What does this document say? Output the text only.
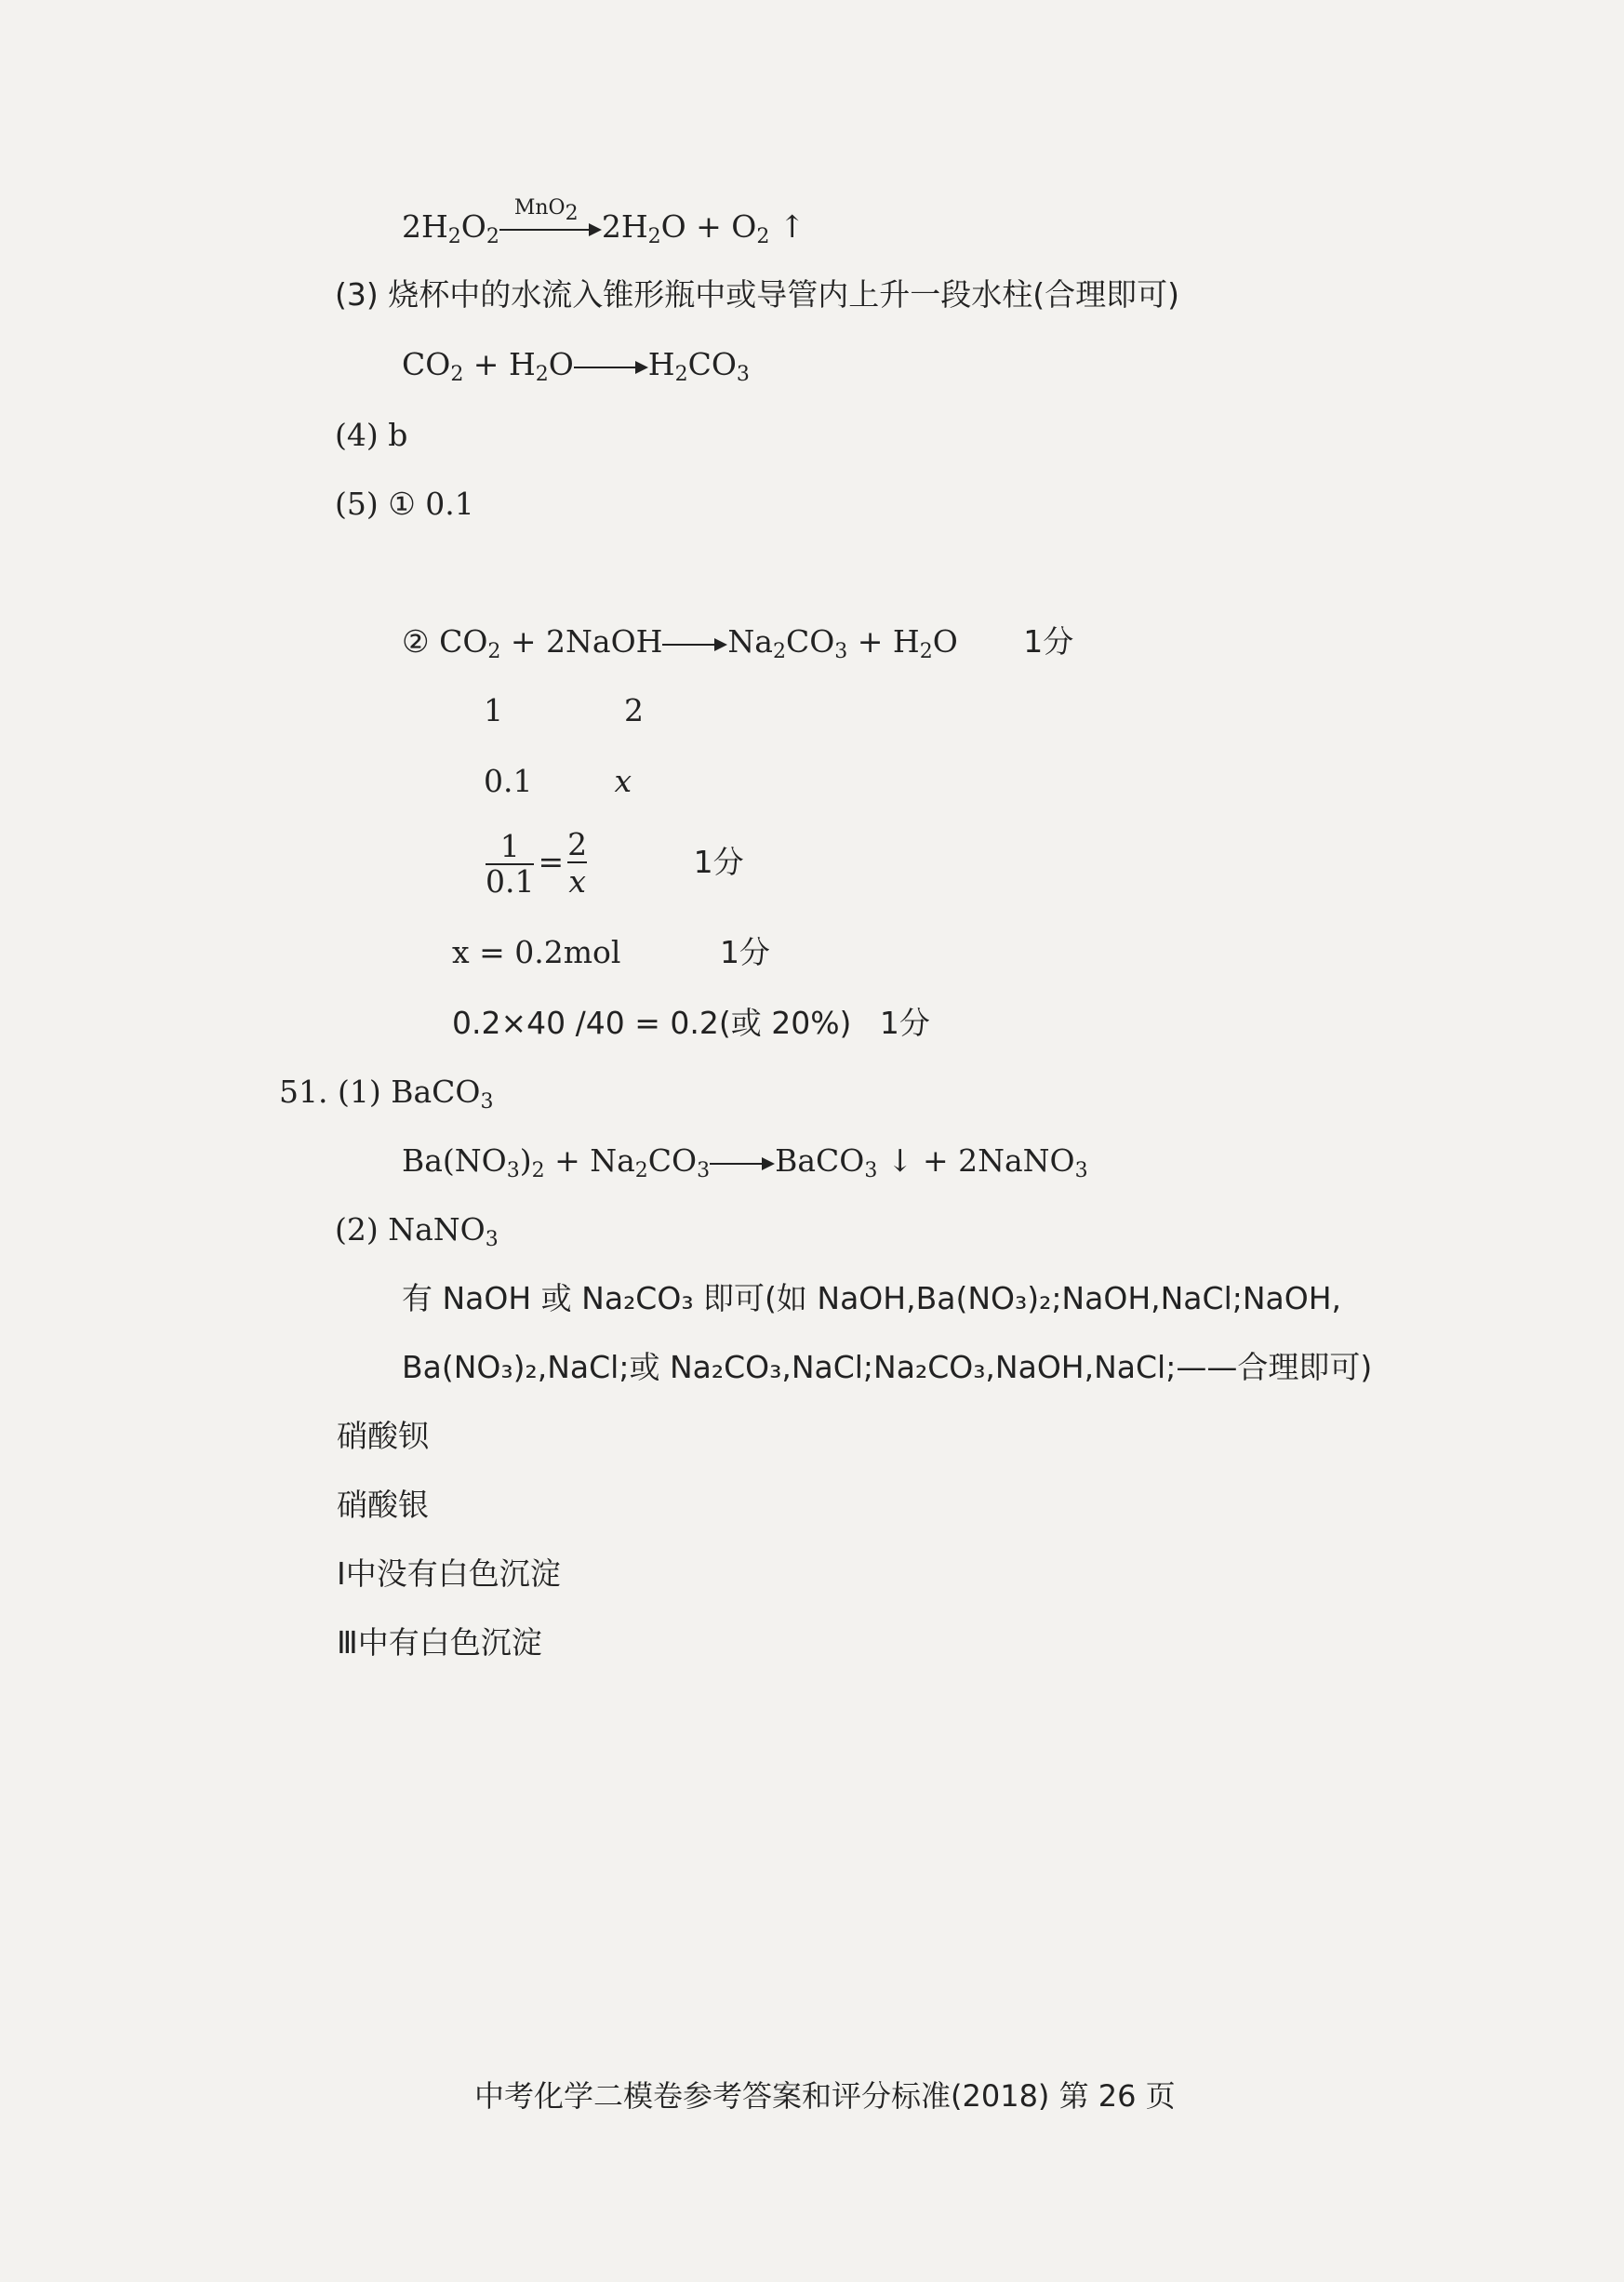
$2H_2O_2$
MnO$_2$ $2H_2O + O_2$ ↑
(3) 烧杯中的水流入锥形瓶中或导管内上升一段水柱(合理即可)
$CO_2 + H_2O$ $H_2CO_3$
(4) b
(5) ① 0.1
② $CO_2$ + 2NaOH $Na_2CO_3 + H_2O$ 1分
1	2
0.1	x
$\frac{1}{0.1} = \frac{2}{x}$	1分
x = 0.2mol	1分
0.2×40 /40 = 0.2(或 20%) 1分
51. (1) BaCO$_3$
$Ba(NO_3)_2 + Na_2CO_3$ BaCO$_3$ ↓ + 2NaNO$_3$
(2) NaNO$_3$
有 NaOH 或 Na₂CO₃ 即可(如 NaOH,Ba(NO₃)₂;NaOH,NaCl;NaOH,
Ba(NO₃)₂,NaCl;或 Na₂CO₃,NaCl;Na₂CO₃,NaOH,NaCl;——合理即可)
硝酸钡
硝酸银
Ⅰ中没有白色沉淀
Ⅲ中有白色沉淀
中考化学二模卷参考答案和评分标准(2018) 第 26 页
